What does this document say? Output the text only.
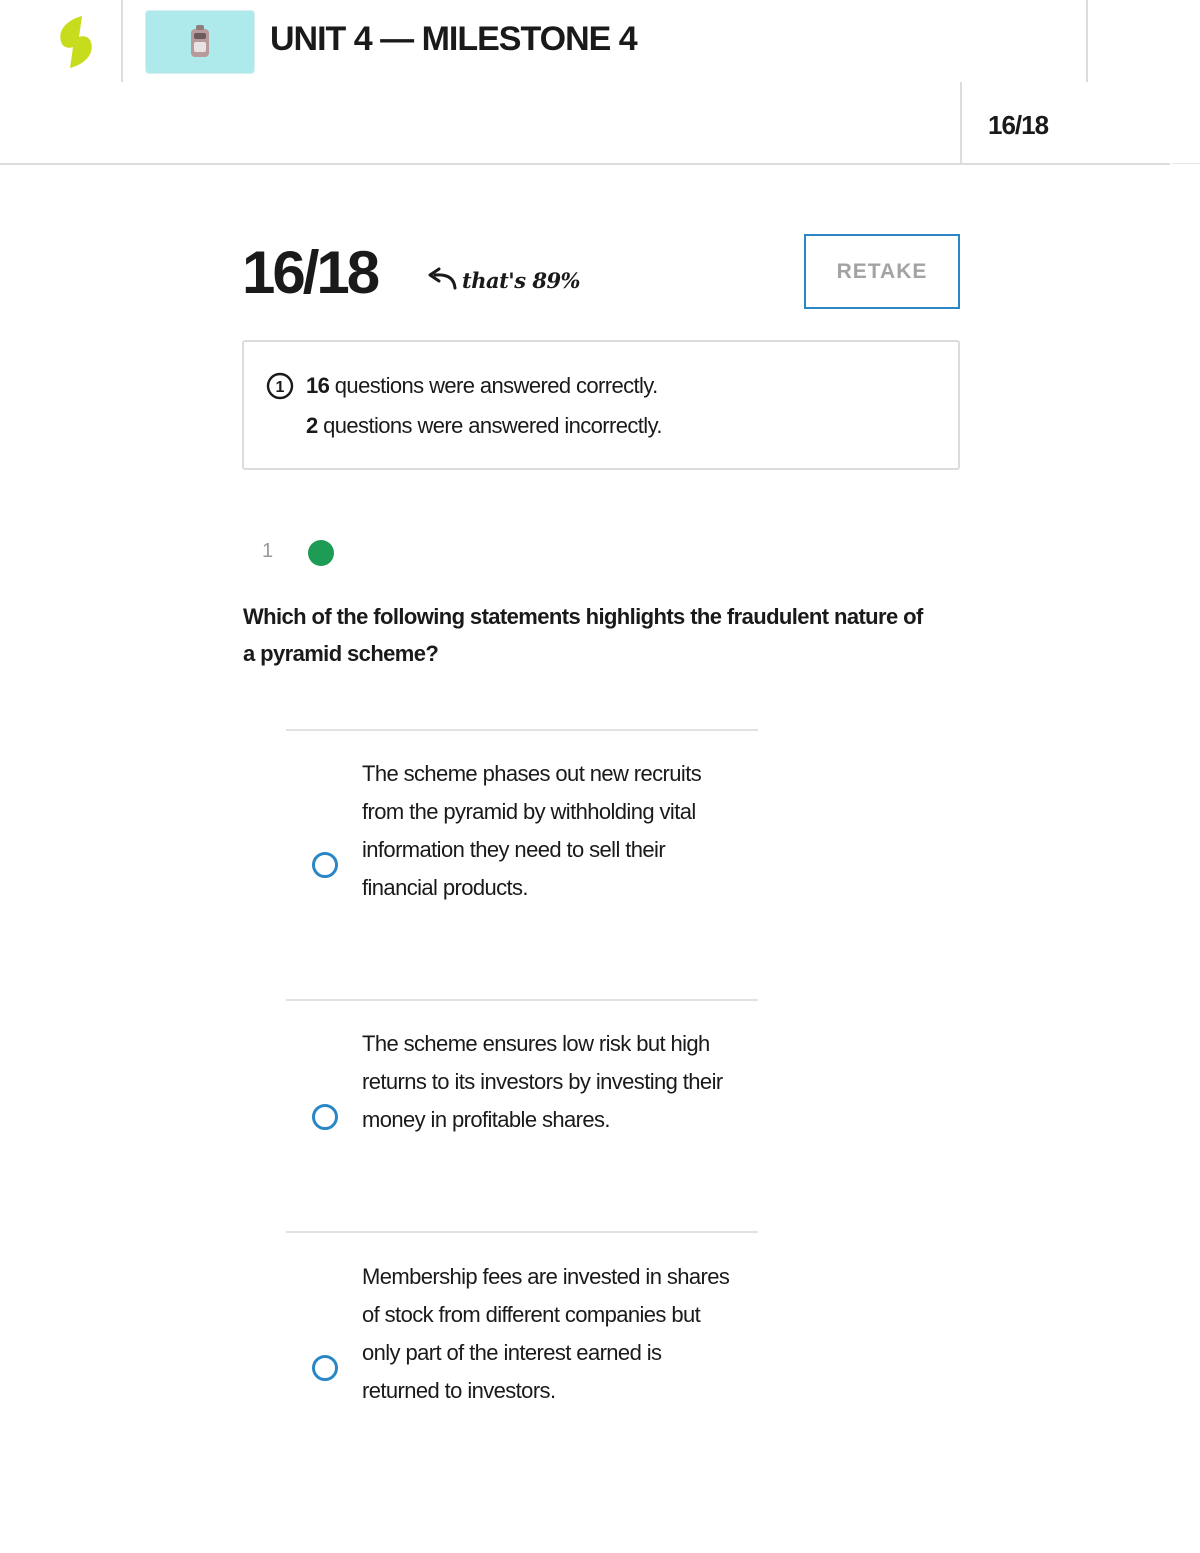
UNIT 4 — MILESTONE 4
16/18
16/18	that's 89%	RETAKE
1 16 questions were answered correctly.
2 questions were answered incorrectly.
1
Which of the following statements highlights the fraudulent nature of a pyramid scheme?
The scheme phases out new recruits from the pyramid by withholding vital information they need to sell their financial products.
The scheme ensures low risk but high returns to its investors by investing their money in profitable shares.
Membership fees are invested in shares of stock from different companies but only part of the interest earned is returned to investors.
